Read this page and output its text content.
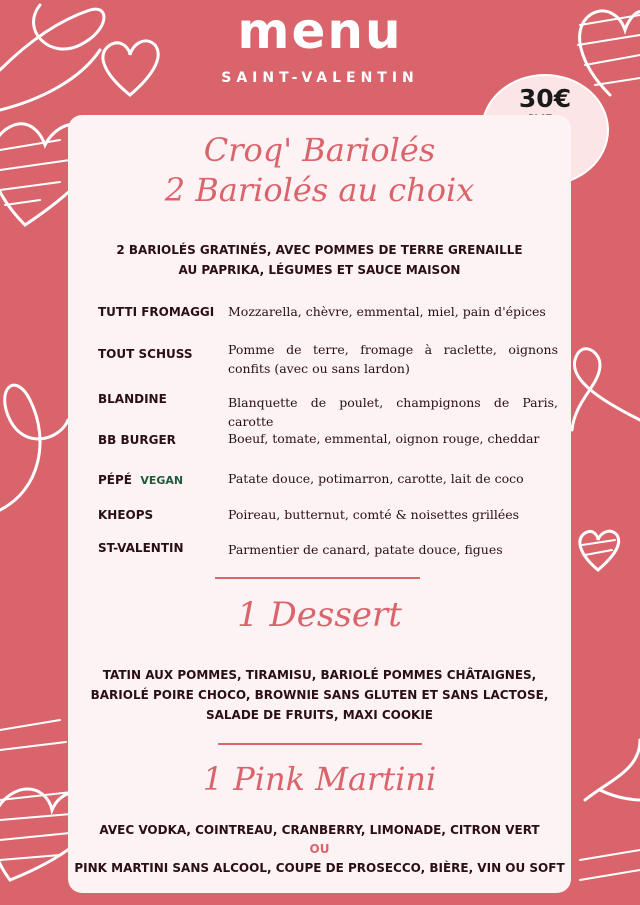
menu
SAINT-VALENTIN
30€
Croq' Bariolés
2 Bariolés au choix
2 BARIOLÉS GRATINÉS, AVEC POMMES DE TERRE GRENAILLE
AU PAPRIKA, LÉGUMES ET SAUCE MAISON
TUTTI FROMAGGI	Mozzarella, chèvre, emmental, miel, pain d'épices
TOUT SCHUSS	Pomme de terre, fromage à raclette, oignons confits (avec ou sans lardon)
BLANDINE	Blanquette de poulet, champignons de Paris, carotte
BB BURGER	Boeuf, tomate, emmental, oignon rouge, cheddar
PÉPÉ VEGAN	Patate douce, potimarron, carotte, lait de coco
KHEOPS	Poireau, butternut, comté & noisettes grillées
ST-VALENTIN	Parmentier de canard, patate douce, figues
1 Dessert
TATIN AUX POMMES, TIRAMISU, BARIOLÉ POMMES CHÂTAIGNES,
BARIOLÉ POIRE CHOCO, BROWNIE SANS GLUTEN ET SANS LACTOSE,
SALADE DE FRUITS, MAXI COOKIE
1 Pink Martini
AVEC VODKA, COINTREAU, CRANBERRY, LIMONADE, CITRON VERT
OU
PINK MARTINI SANS ALCOOL, COUPE DE PROSECCO, BIÈRE, VIN OU SOFT
